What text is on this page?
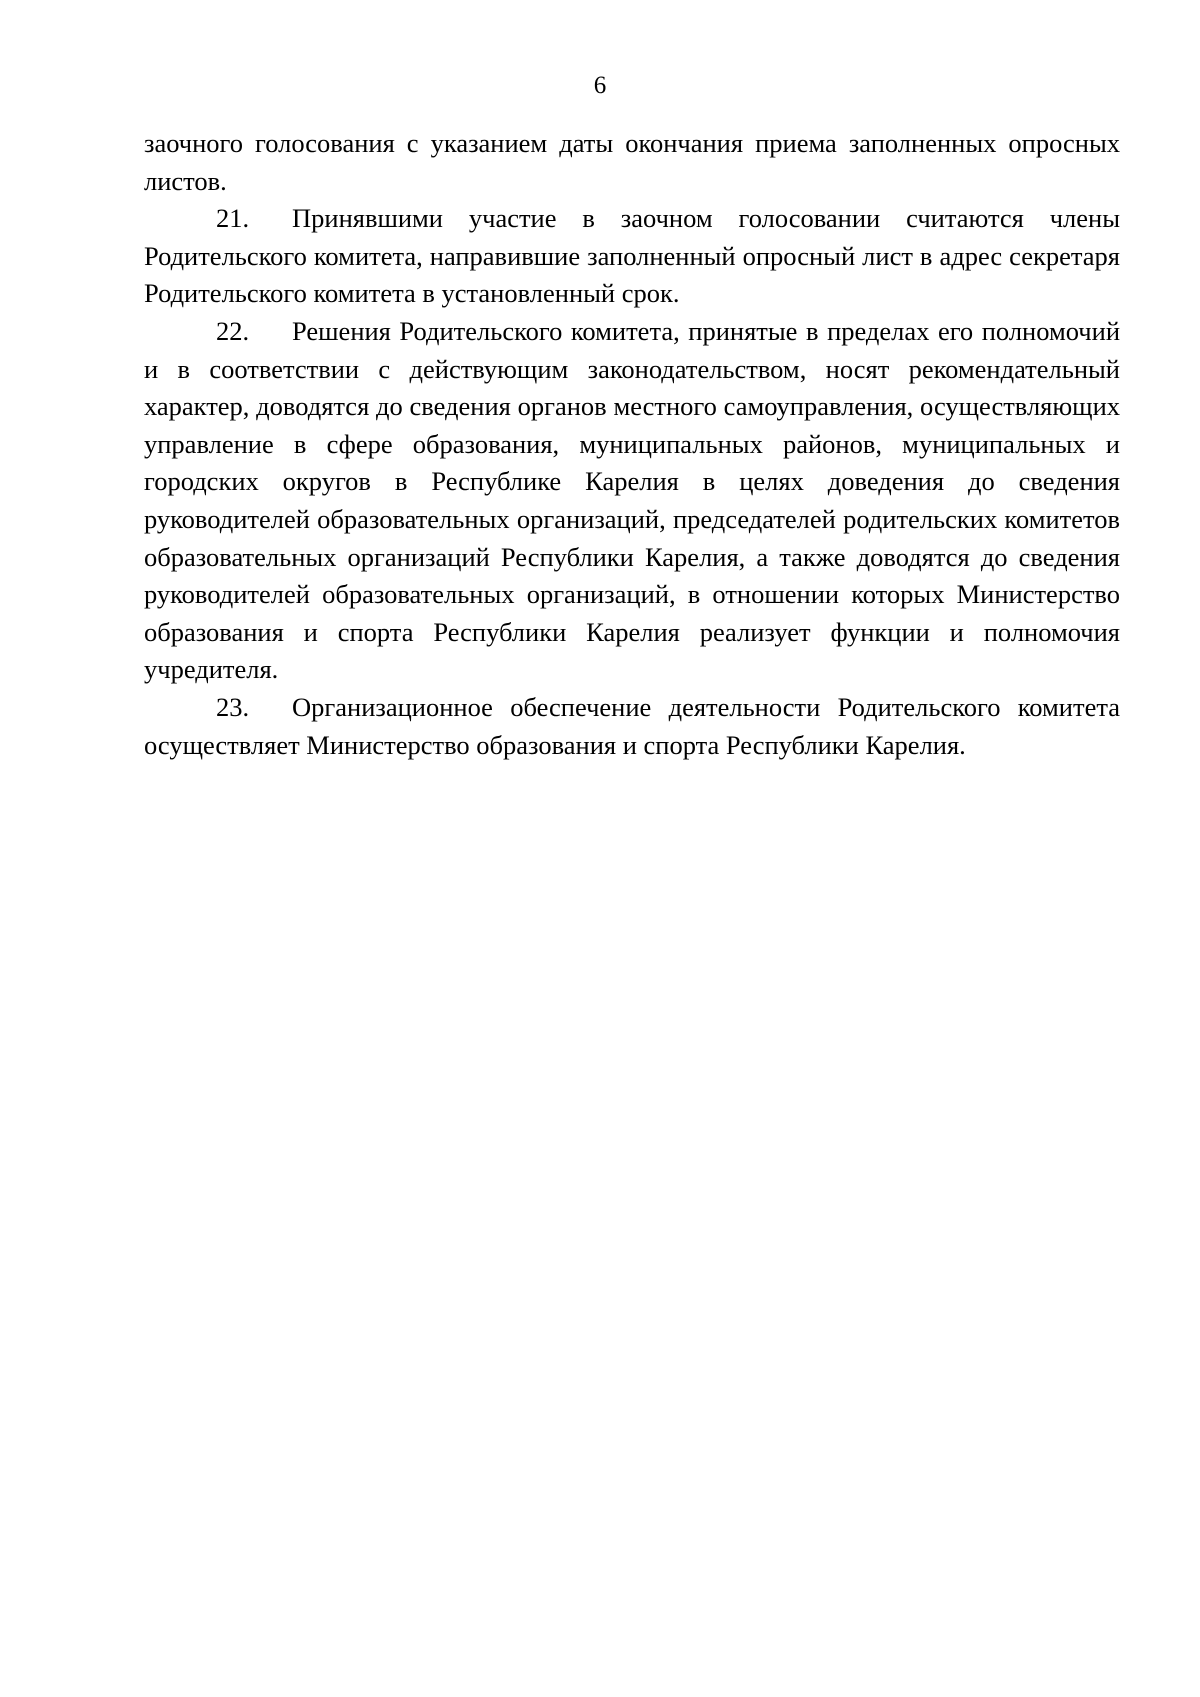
6

заочного голосования с указанием даты окончания приема заполненных опросных листов.

21. Принявшими участие в заочном голосовании считаются члены Родительского комитета, направившие заполненный опросный лист в адрес секретаря Родительского комитета в установленный срок.

22. Решения Родительского комитета, принятые в пределах его полномочий и в соответствии с действующим законодательством, носят рекомендательный характер, доводятся до сведения органов местного самоуправления, осуществляющих управление в сфере образования, муниципальных районов, муниципальных и городских округов в Республике Карелия в целях доведения до сведения руководителей образовательных организаций, председателей родительских комитетов образовательных организаций Республики Карелия, а также доводятся до сведения руководителей образовательных организаций, в отношении которых Министерство образования и спорта Республики Карелия реализует функции и полномочия учредителя.

23. Организационное обеспечение деятельности Родительского комитета осуществляет Министерство образования и спорта Республики Карелия.
